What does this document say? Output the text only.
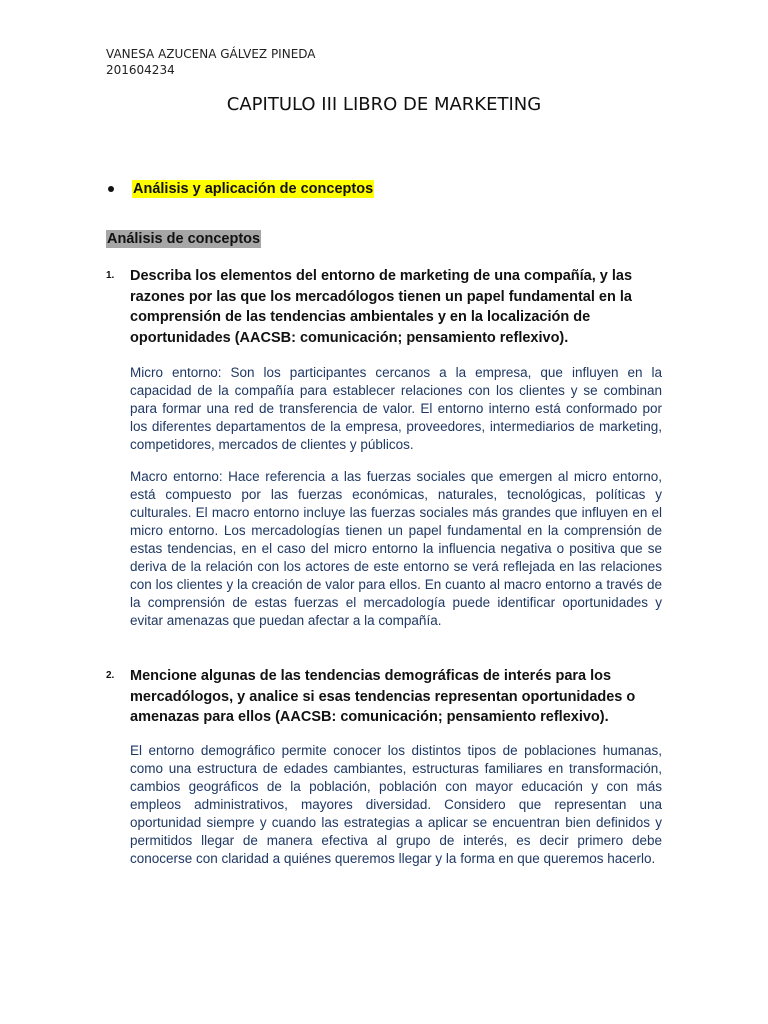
VANESA AZUCENA GÁLVEZ PINEDA
201604234
CAPITULO III LIBRO DE MARKETING
Análisis y aplicación de conceptos
Análisis de conceptos
1.	Describa los elementos del entorno de marketing de una compañía, y las razones por las que los mercadólogos tienen un papel fundamental en la comprensión de las tendencias ambientales y en la localización de oportunidades (AACSB: comunicación; pensamiento reflexivo).

Micro entorno: Son los participantes cercanos a la empresa, que influyen en la capacidad de la compañía para establecer relaciones con los clientes y se combinan para formar una red de transferencia de valor. El entorno interno está conformado por los diferentes departamentos de la empresa, proveedores, intermediarios de marketing, competidores, mercados de clientes y públicos.

Macro entorno: Hace referencia a las fuerzas sociales que emergen al micro entorno, está compuesto por las fuerzas económicas, naturales, tecnológicas, políticas y culturales. El macro entorno incluye las fuerzas sociales más grandes que influyen en el micro entorno. Los mercadologías tienen un papel fundamental en la comprensión de estas tendencias, en el caso del micro entorno la influencia negativa o positiva que se deriva de la relación con los actores de este entorno se verá reflejada en las relaciones con los clientes y la creación de valor para ellos. En cuanto al macro entorno a través de la comprensión de estas fuerzas el mercadología puede identificar oportunidades y evitar amenazas que puedan afectar a la compañía.

2.	Mencione algunas de las tendencias demográficas de interés para los mercadólogos, y analice si esas tendencias representan oportunidades o amenazas para ellos (AACSB: comunicación; pensamiento reflexivo).

El entorno demográfico permite conocer los distintos tipos de poblaciones humanas, como una estructura de edades cambiantes, estructuras familiares en transformación, cambios geográficos de la población, población con mayor educación y con más empleos administrativos, mayores diversidad. Considero que representan una oportunidad siempre y cuando las estrategias a aplicar se encuentran bien definidos y permitidos llegar de manera efectiva al grupo de interés, es decir primero debe conocerse con claridad a quiénes queremos llegar y la forma en que queremos hacerlo.
